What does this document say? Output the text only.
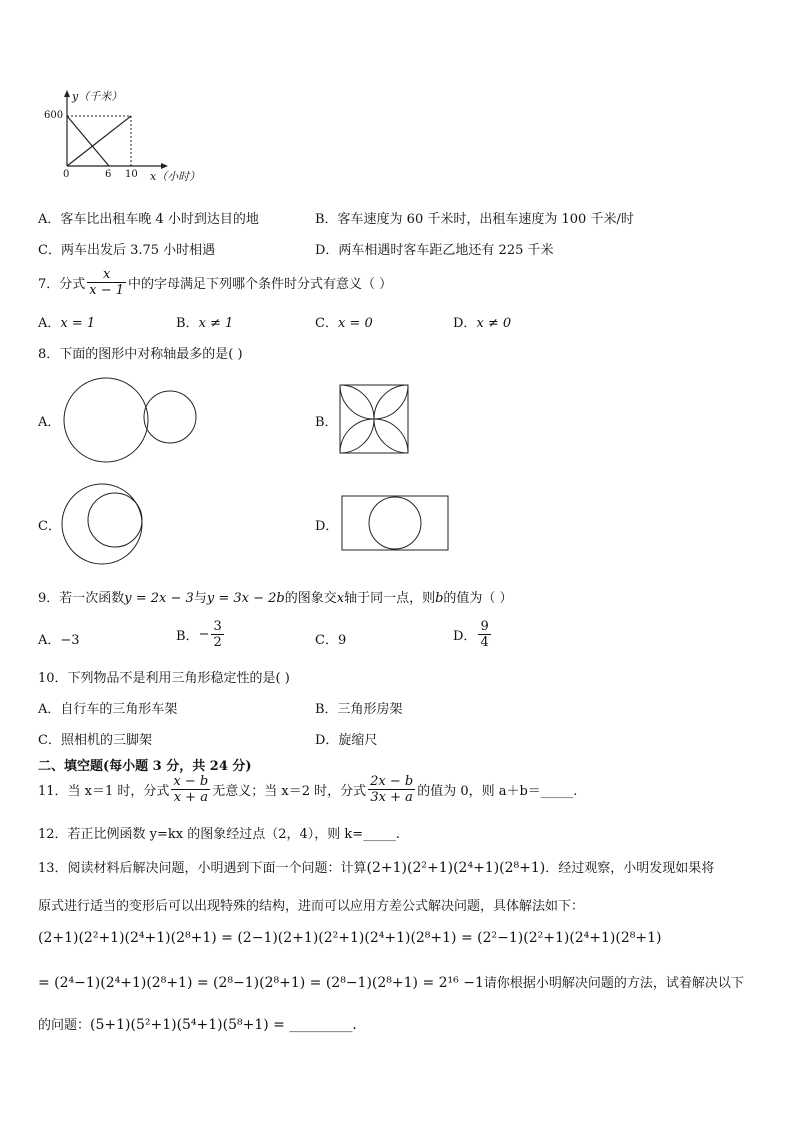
y（千米）
600
0	6 10 x（小时）
A．客车比出租车晚 4 小时到达目的地	B．客车速度为 60 千米时，出租车速度为 100 千米/时
C．两车出发后 3.75 小时相遇	D．两车相遇时客车距乙地还有 225 千米
7．分式 $\frac{x}{x - 1}$ 中的字母满足下列哪个条件时分式有意义（ ）
A．x = 1	B．x ≠ 1	C．x = 0	D．x ≠ 0
8．下面的图形中对称轴最多的是( )
A．	B．
C．	D．
9．若一次函数y = 2x − 3与y = 3x − 2b的图象交x轴于同一点，则b的值为（ ）
A．−3	B．− $\frac{3}{2}$	C．9	D． $\frac{9}{4}$
10．下列物品不是利用三角形稳定性的是( )
A．自行车的三角形车架	B．三角形房架
C．照相机的三脚架	D．旋缩尺
二、填空题(每小题 3 分，共 24 分)
11．当 x＝1 时，分式 $\frac{x - b}{x + a}$ 无意义；当 x＝2 时，分式 $\frac{2x - b}{3x + a}$ 的值为 0，则 a＋b＝_____.
12．若正比例函数 y=kx 的图象经过点（2，4），则 k=_____.
13．阅读材料后解决问题，小明遇到下面一个问题：计算(2+1)(2²+1)(2⁴+1)(2⁸+1)．经过观察，小明发现如果将
原式进行适当的变形后可以出现特殊的结构，进而可以应用方差公式解决问题，具体解法如下：
(2+1)(2²+1)(2⁴+1)(2⁸+1) = (2−1)(2+1)(2²+1)(2⁴+1)(2⁸+1) = (2²−1)(2²+1)(2⁴+1)(2⁸+1)
= (2⁴−1)(2⁴+1)(2⁸+1) = (2⁸−1)(2⁸+1) = (2⁸−1)(2⁸+1) = 2¹⁶ −1请你根据小明解决问题的方法，试着解决以下
的问题：(5+1)(5²+1)(5⁴+1)(5⁸+1) = _________.
